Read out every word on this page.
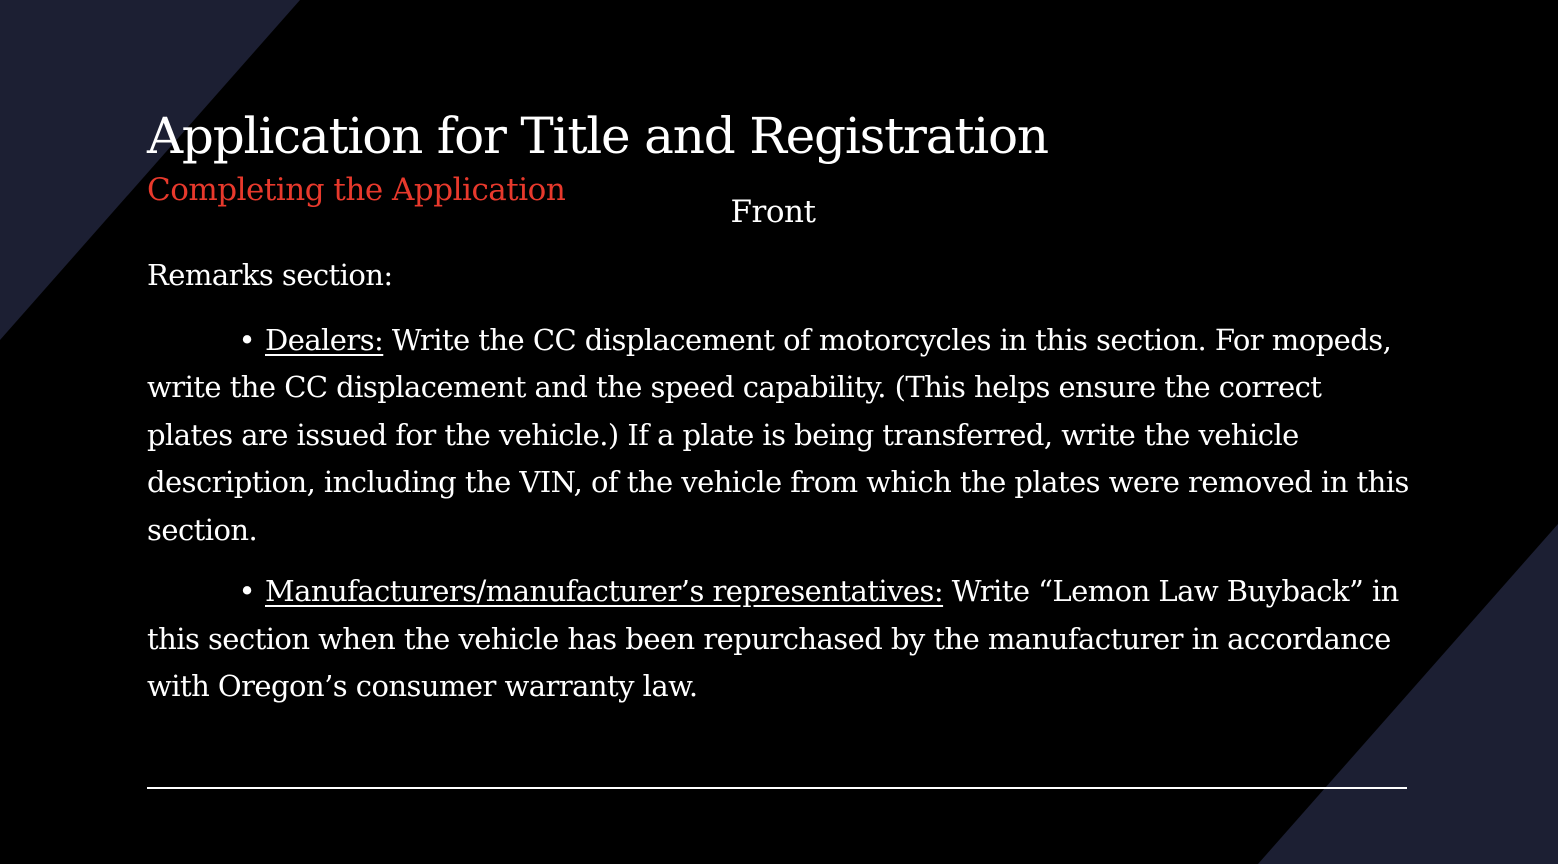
Application for Title and Registration
Completing the Application
Front

Remarks section:

• Dealers: Write the CC displacement of motorcycles in this section. For mopeds, write the CC displacement and the speed capability. (This helps ensure the correct plates are issued for the vehicle.) If a plate is being transferred, write the vehicle description, including the VIN, of the vehicle from which the plates were removed in this section.

• Manufacturers/manufacturer’s representatives: Write “Lemon Law Buyback” in this section when the vehicle has been repurchased by the manufacturer in accordance with Oregon’s consumer warranty law.
